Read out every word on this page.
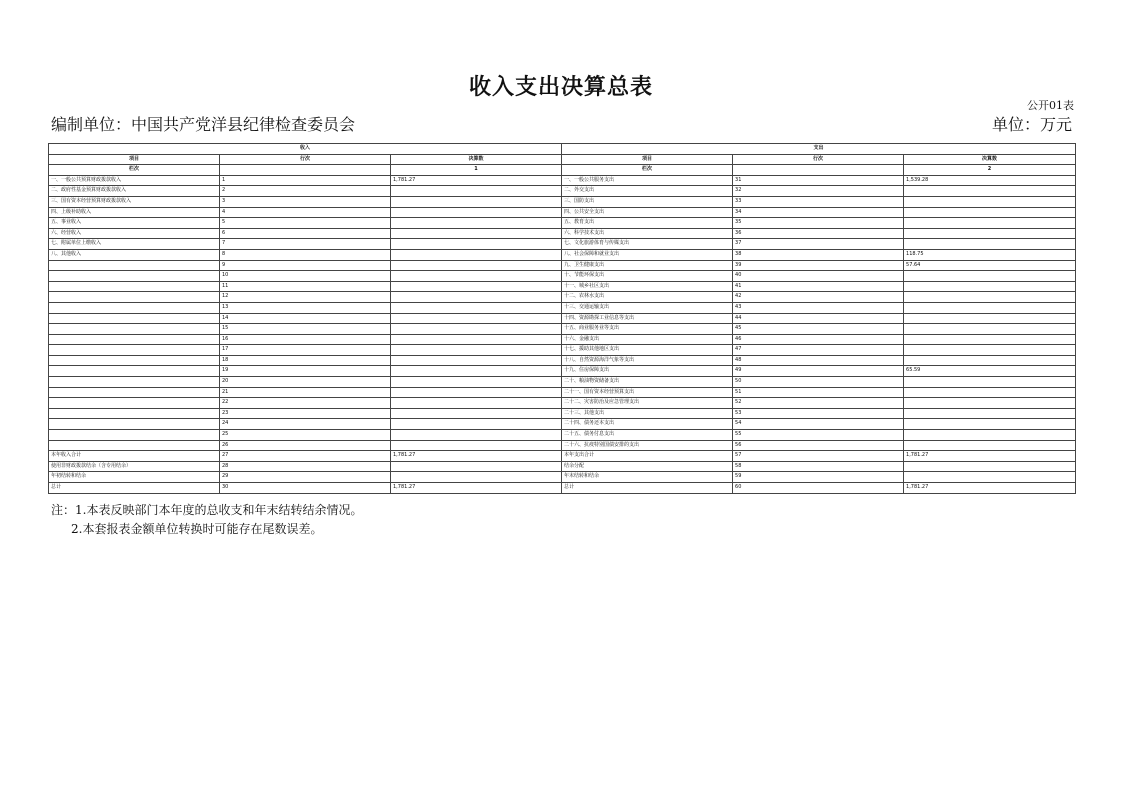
收入支出决算总表
公开01表
编制单位：中国共产党洋县纪律检查委员会	单位：万元
收入			支出		
项目	行次	决算数	项目	行次	决算数
栏次		1	栏次		2
一、一般公共预算财政拨款收入	1	1,781.27	一、一般公共服务支出	31	1,539.28
二、政府性基金预算财政拨款收入	2		二、外交支出	32	
三、国有资本经营预算财政拨款收入	3		三、国防支出	33	
四、上级补助收入	4		四、公共安全支出	34	
五、事业收入	5		五、教育支出	35	
六、经营收入	6		六、科学技术支出	36	
七、附属单位上缴收入	7		七、文化旅游体育与传媒支出	37	
八、其他收入	8		八、社会保障和就业支出	38	118.75
	9		九、卫生健康支出	39	57.64
	10		十、节能环保支出	40	
	11		十一、城乡社区支出	41	
	12		十二、农林水支出	42	
	13		十三、交通运输支出	43	
	14		十四、资源勘探工业信息等支出	44	
	15		十五、商业服务业等支出	45	
	16		十六、金融支出	46	
	17		十七、援助其他地区支出	47	
	18		十八、自然资源海洋气象等支出	48	
	19		十九、住房保障支出	49	65.59
	20		二十、粮油物资储备支出	50	
	21		二十一、国有资本经营预算支出	51	
	22		二十二、灾害防治及应急管理支出	52	
	23		二十三、其他支出	53	
	24		二十四、债务还本支出	54	
	25		二十五、债务付息支出	55	
	26		二十六、抗疫特别国债安排的支出	56	
本年收入合计	27	1,781.27	本年支出合计	57	1,781.27
使用非财政拨款结余（含专用结余）	28		结余分配	58	
年初结转和结余	29		年末结转和结余	59	
总计	30	1,781.27	总计	60	1,781.27
注：1.本表反映部门本年度的总收支和年末结转结余情况。
2.本套报表金额单位转换时可能存在尾数误差。
